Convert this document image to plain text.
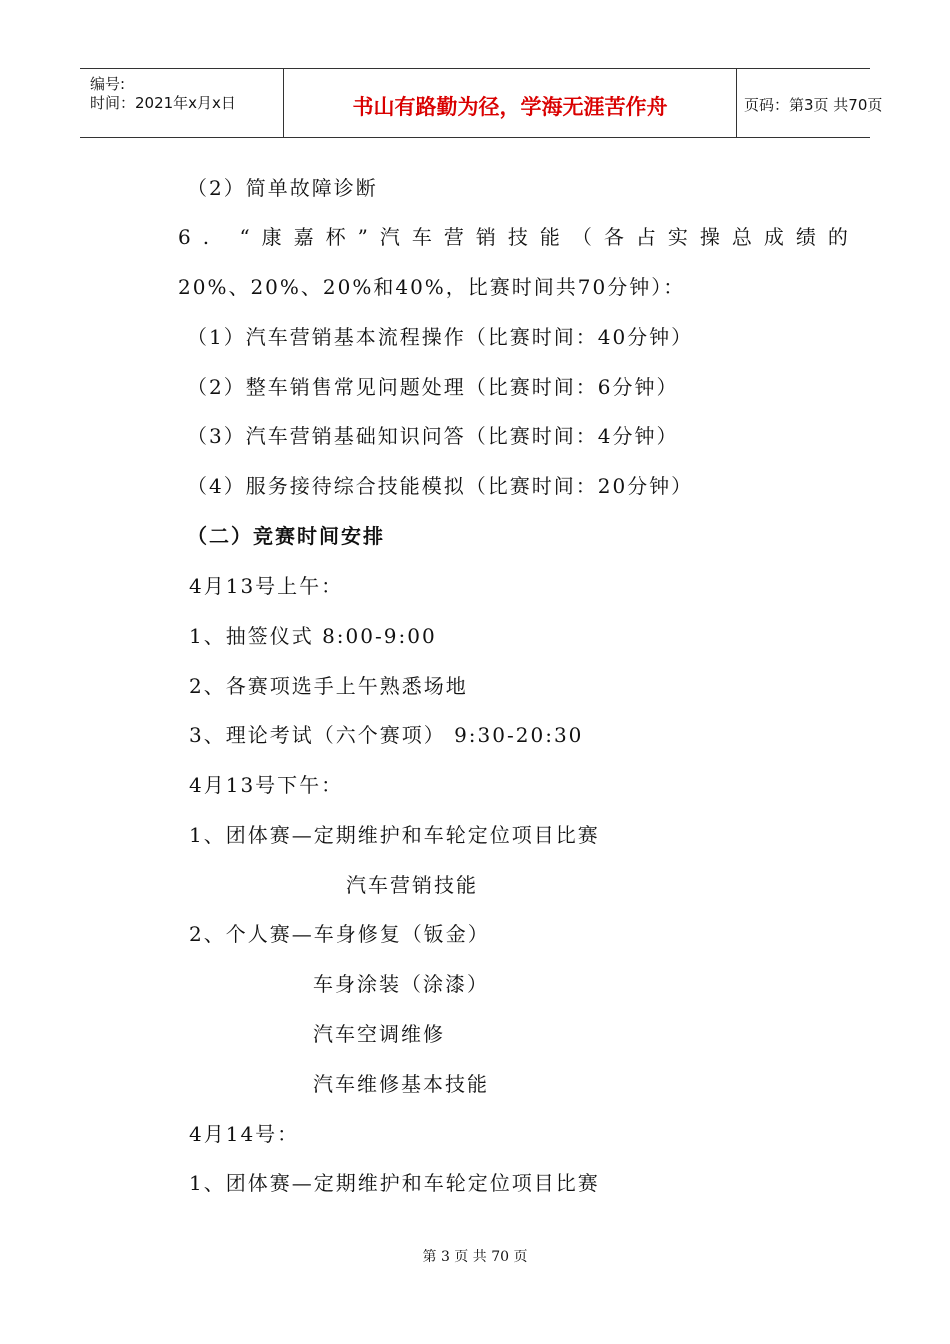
编号:
时间：2021年x月x日	书山有路勤为径，学海无涯苦作舟	页码：第3页 共70页
（2）简单故障诊断
6. “康嘉杯”汽车营销技能（各占实操总成绩的
20%、20%、20%和40%，比赛时间共70分钟）：
（1）汽车营销基本流程操作（比赛时间：40分钟）
（2）整车销售常见问题处理（比赛时间：6分钟）
（3）汽车营销基础知识问答（比赛时间：4分钟）
（4）服务接待综合技能模拟（比赛时间：20分钟）
（二）竞赛时间安排
4月13号上午：
1、抽签仪式 8:00-9:00
2、各赛项选手上午熟悉场地
3、理论考试（六个赛项） 9:30-20:30
4月13号下午：
1、团体赛—定期维护和车轮定位项目比赛
汽车营销技能
2、个人赛—车身修复（钣金）
车身涂装（涂漆）
汽车空调维修
汽车维修基本技能
4月14号：
1、团体赛—定期维护和车轮定位项目比赛
第 3 页 共 70 页
